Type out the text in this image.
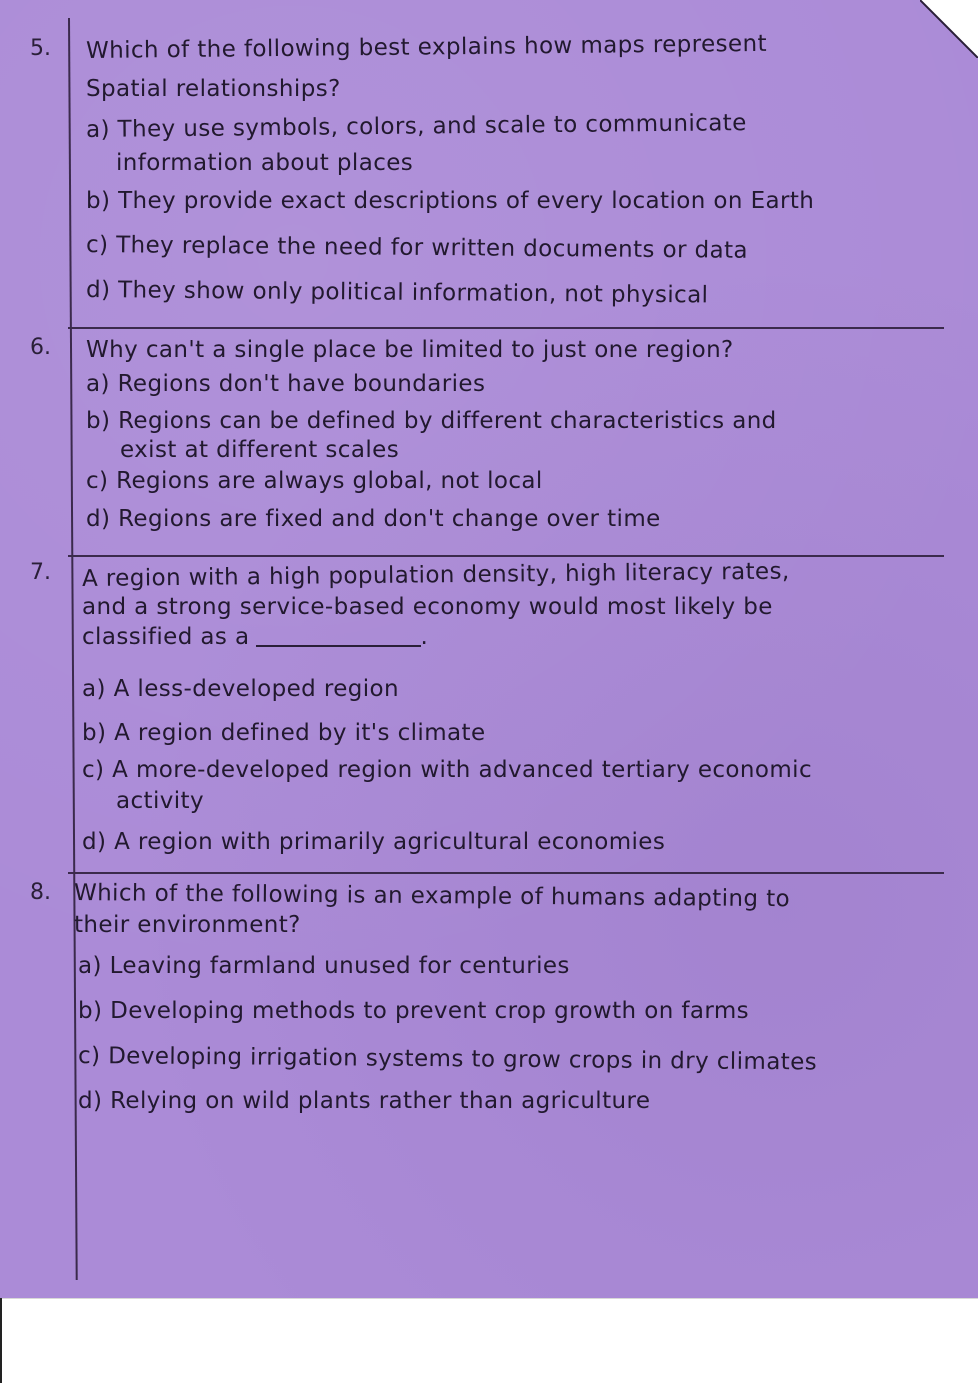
5.	Which of the following best explains how maps represent
Spatial relationships?
a) They use symbols, colors, and scale to communicate
information about places
b) They provide exact descriptions of every location on Earth
c) They replace the need for written documents or data
d) They show only political information, not physical
6.	Why can't a single place be limited to just one region?
a) Regions don't have boundaries
b) Regions can be defined by different characteristics and
exist at different scales
c) Regions are always global, not local
d) Regions are fixed and don't change over time
7.	A region with a high population density, high literacy rates,
and a strong service-based economy would most likely be
classified as a	.
a) A less-developed region
b) A region defined by it's climate
c) A more-developed region with advanced tertiary economic
activity
d) A region with primarily agricultural economies
8. Which of the following is an example of humans adapting to
their environment?
a) Leaving farmland unused for centuries
b) Developing methods to prevent crop growth on farms
c) Developing irrigation systems to grow crops in dry climates
d) Relying on wild plants rather than agriculture
